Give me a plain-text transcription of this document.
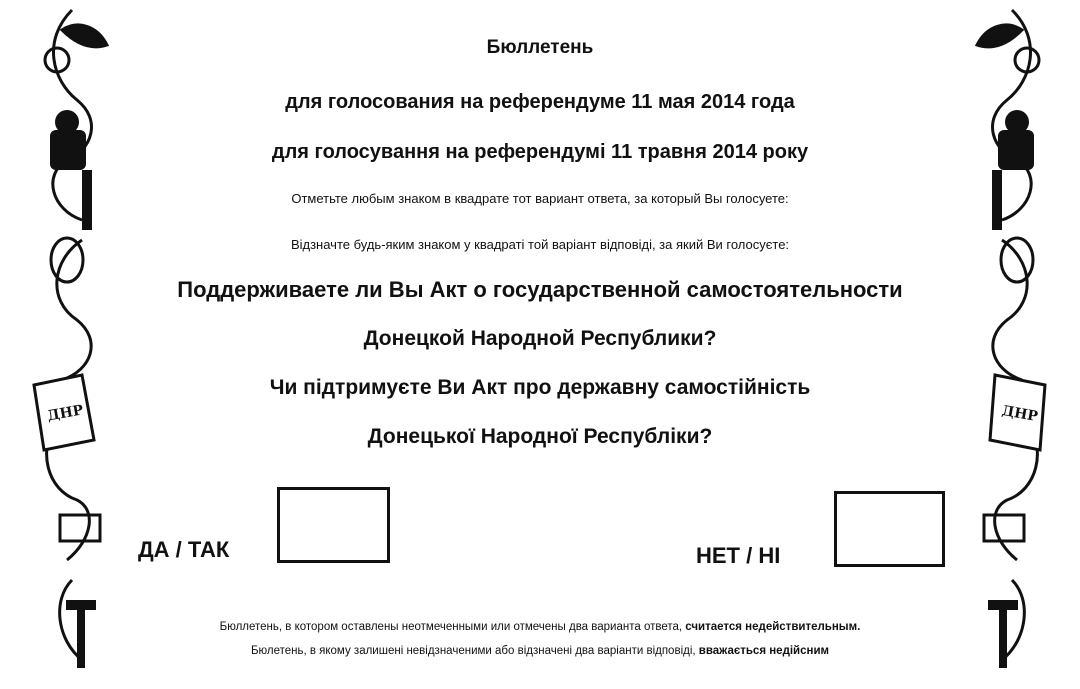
ДНР	ДНР
Бюллетень
для голосования на референдуме 11 мая 2014 года
для голосування на референдумі 11 травня 2014 року
Отметьте любым знаком в квадрате тот вариант ответа, за который Вы голосуете:
Відзначте будь-яким знаком у квадраті той варіант відповіді, за який Ви голосуєте:
Поддерживаете ли Вы Акт о государственной самостоятельности
Донецкой Народной Республики?
Чи підтримуєте Ви Акт про державну самостійність
Донецької Народної Республіки?
ДА / ТАК	НЕТ / НІ
Бюллетень, в котором оставлены неотмеченными или отмечены два варианта ответа, считается недействительным.
Бюлетень, в якому залишені невідзначеними або відзначені два варіанти відповіді, вважається недійсним
